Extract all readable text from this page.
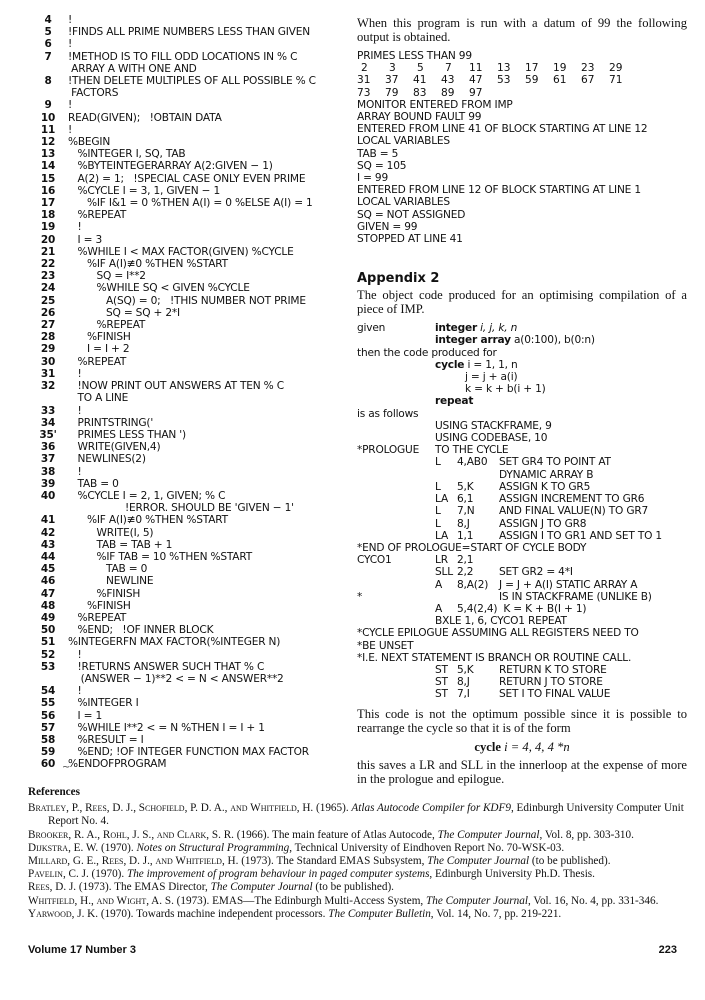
4	!
5	!FINDS ALL PRIME NUMBERS LESS THAN GIVEN
6	!
7	!METHOD IS TO FILL ODD LOCATIONS IN % C
ARRAY A WITH ONE AND
8	!THEN DELETE MULTIPLES OF ALL POSSIBLE % C
FACTORS
9	!
10	READ(GIVEN);   !OBTAIN DATA
11	!
12	%BEGIN
13	%INTEGER I, SQ, TAB
14	%BYTEINTEGERARRAY A(2:GIVEN − 1)
15	A(2) = 1;   !SPECIAL CASE ONLY EVEN PRIME
16	%CYCLE I = 3, 1, GIVEN − 1
17	%IF I&1 = 0 %THEN A(I) = 0 %ELSE A(I) = 1
18	%REPEAT
19	!
20	I = 3
21	%WHILE I < MAX FACTOR(GIVEN) %CYCLE
22	%IF A(I)≢0 %THEN %START
23	SQ = I**2
24	%WHILE SQ < GIVEN %CYCLE
25	A(SQ) = 0;   !THIS NUMBER NOT PRIME
26	SQ = SQ + 2*I
27	%REPEAT
28	%FINISH
29	I = I + 2
30	%REPEAT
31	!
32	!NOW PRINT OUT ANSWERS AT TEN % C
TO A LINE
33	!
34	PRINTSTRING('
35'	PRIMES LESS THAN ')
36	WRITE(GIVEN,4)
37	NEWLINES(2)
38	!
39	TAB = 0
40	%CYCLE I = 2, 1, GIVEN; % C
!ERROR. SHOULD BE 'GIVEN − 1'
41	%IF A(I)≢0 %THEN %START
42	WRITE(I, 5)
43	TAB = TAB + 1
44	%IF TAB = 10 %THEN %START
45	TAB = 0
46	NEWLINE
47	%FINISH
48	%FINISH
49	%REPEAT
50	%END;   !OF INNER BLOCK
51	%INTEGERFN MAX FACTOR(%INTEGER N)
52	!
53	!RETURNS ANSWER SUCH THAT % C
(ANSWER − 1)**2 < = N < ANSWER**2
54	!
55	%INTEGER I
56	I = 1
57	%WHILE I**2 < = N %THEN I = I + 1
58	%RESULT = I
59	%END; !OF INTEGER FUNCTION MAX FACTOR
60	%ENDOFPROGRAM
~

When this program is run with a datum of 99 the following output is obtained.

PRIMES LESS THAN 99
2	3	5	7	11	13	17	19	23	29
31	37	41	43	47	53	59	61	67	71
73	79	83	89	97
MONITOR ENTERED FROM IMP
ARRAY BOUND FAULT 99
ENTERED FROM LINE 41 OF BLOCK STARTING AT LINE 12
LOCAL VARIABLES
TAB = 5
SQ = 105
I = 99
ENTERED FROM LINE 12 OF BLOCK STARTING AT LINE 1
LOCAL VARIABLES
SQ = NOT ASSIGNED
GIVEN = 99
STOPPED AT LINE 41
Appendix 2

The object code produced for an optimising compilation of a piece of IMP.

given	integer i, j, k, n
integer array a(0:100), b(0:n)
then the code produced for
cycle i = 1, 1, n
j = j + a(i)
k = k + b(i + 1)
repeat
is as follows
USING STACKFRAME, 9
USING CODEBASE, 10
*PROLOGUE	TO THE CYCLE
L	4,AB0	SET GR4 TO POINT AT
DYNAMIC ARRAY B
L	5,K	ASSIGN K TO GR5
LA 6,1	ASSIGN INCREMENT TO GR6
L	7,N	AND FINAL VALUE(N) TO GR7
L	8,J	ASSIGN J TO GR8
LA 1,1	ASSIGN I TO GR1 AND SET TO 1
*END OF PROLOGUE=START OF CYCLE BODY
CYCO1	LR 2,1
SLL 2,2	SET GR2 = 4*I
A	8,A(2)	J = J + A(I) STATIC ARRAY A
*	IS IN STACKFRAME (UNLIKE B)
A	5,4(2,4) K = K + B(I + 1)
BXLE 1, 6, CYCO1 REPEAT
*CYCLE EPILOGUE ASSUMING ALL REGISTERS NEED TO
*BE UNSET
*I.E. NEXT STATEMENT IS BRANCH OR ROUTINE CALL.
ST 5,K	RETURN K TO STORE
ST 8,J	RETURN J TO STORE
ST 7,I	SET I TO FINAL VALUE

This code is not the optimum possible since it is possible to rearrange the cycle so that it is of the form

cycle i = 4, 4, 4 *n

this saves a LR and SLL in the innerloop at the expense of more in the prologue and epilogue.

References
Bratley, P., Rees, D. J., Schofield, P. D. A., and Whitfield, H. (1965). Atlas Autocode Compiler for KDF9, Edinburgh University Computer Unit Report No. 4.
Brooker, R. A., Rohl, J. S., and Clark, S. R. (1966). The main feature of Atlas Autocode, The Computer Journal, Vol. 8, pp. 303-310.
Dijkstra, E. W. (1970). Notes on Structural Programming, Technical University of Eindhoven Report No. 70-WSK-03.
Millard, G. E., Rees, D. J., and Whitfield, H. (1973). The Standard EMAS Subsystem, The Computer Journal (to be published).
Pavelin, C. J. (1970). The improvement of program behaviour in paged computer systems, Edinburgh University Ph.D. Thesis.
Rees, D. J. (1973). The EMAS Director, The Computer Journal (to be published).
Whitfield, H., and Wight, A. S. (1973). EMAS—The Edinburgh Multi-Access System, The Computer Journal, Vol. 16, No. 4, pp. 331-346.
Yarwood, J. K. (1970). Towards machine independent processors. The Computer Bulletin, Vol. 14, No. 7, pp. 219-221.
Volume 17 Number 3	223
